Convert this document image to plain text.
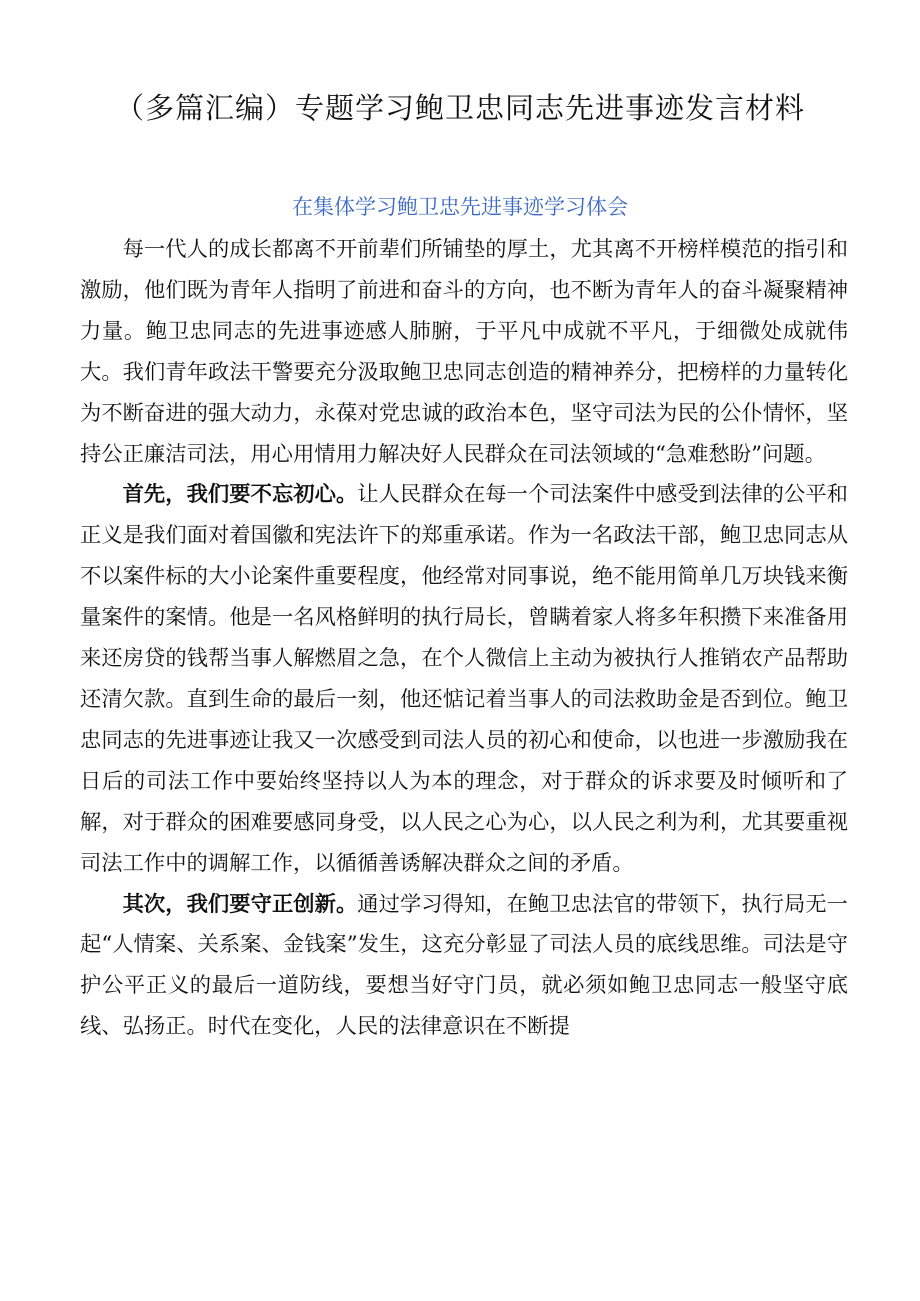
（多篇汇编）专题学习鲍卫忠同志先进事迹发言材料
在集体学习鲍卫忠先进事迹学习体会

每一代人的成长都离不开前辈们所铺垫的厚土，尤其离不开榜样模范的指引和激励，他们既为青年人指明了前进和奋斗的方向，也不断为青年人的奋斗凝聚精神力量。鲍卫忠同志的先进事迹感人肺腑，于平凡中成就不平凡，于细微处成就伟大。我们青年政法干警要充分汲取鲍卫忠同志创造的精神养分，把榜样的力量转化为不断奋进的强大动力，永葆对党忠诚的政治本色，坚守司法为民的公仆情怀，坚持公正廉洁司法，用心用情用力解决好人民群众在司法领域的“急难愁盼”问题。

首先，我们要不忘初心。让人民群众在每一个司法案件中感受到法律的公平和正义是我们面对着国徽和宪法许下的郑重承诺。作为一名政法干部，鲍卫忠同志从不以案件标的大小论案件重要程度，他经常对同事说，绝不能用简单几万块钱来衡量案件的案情。他是一名风格鲜明的执行局长，曾瞒着家人将多年积攒下来准备用来还房贷的钱帮当事人解燃眉之急，在个人微信上主动为被执行人推销农产品帮助还清欠款。直到生命的最后一刻，他还惦记着当事人的司法救助金是否到位。鲍卫忠同志的先进事迹让我又一次感受到司法人员的初心和使命，以也进一步激励我在日后的司法工作中要始终坚持以人为本的理念，对于群众的诉求要及时倾听和了解，对于群众的困难要感同身受，以人民之心为心，以人民之利为利，尤其要重视司法工作中的调解工作，以循循善诱解决群众之间的矛盾。

其次，我们要守正创新。通过学习得知，在鲍卫忠法官的带领下，执行局无一起“人情案、关系案、金钱案”发生，这充分彰显了司法人员的底线思维。司法是守护公平正义的最后一道防线，要想当好守门员，就必须如鲍卫忠同志一般坚守底线、弘扬正。时代在变化，人民的法律意识在不断提
